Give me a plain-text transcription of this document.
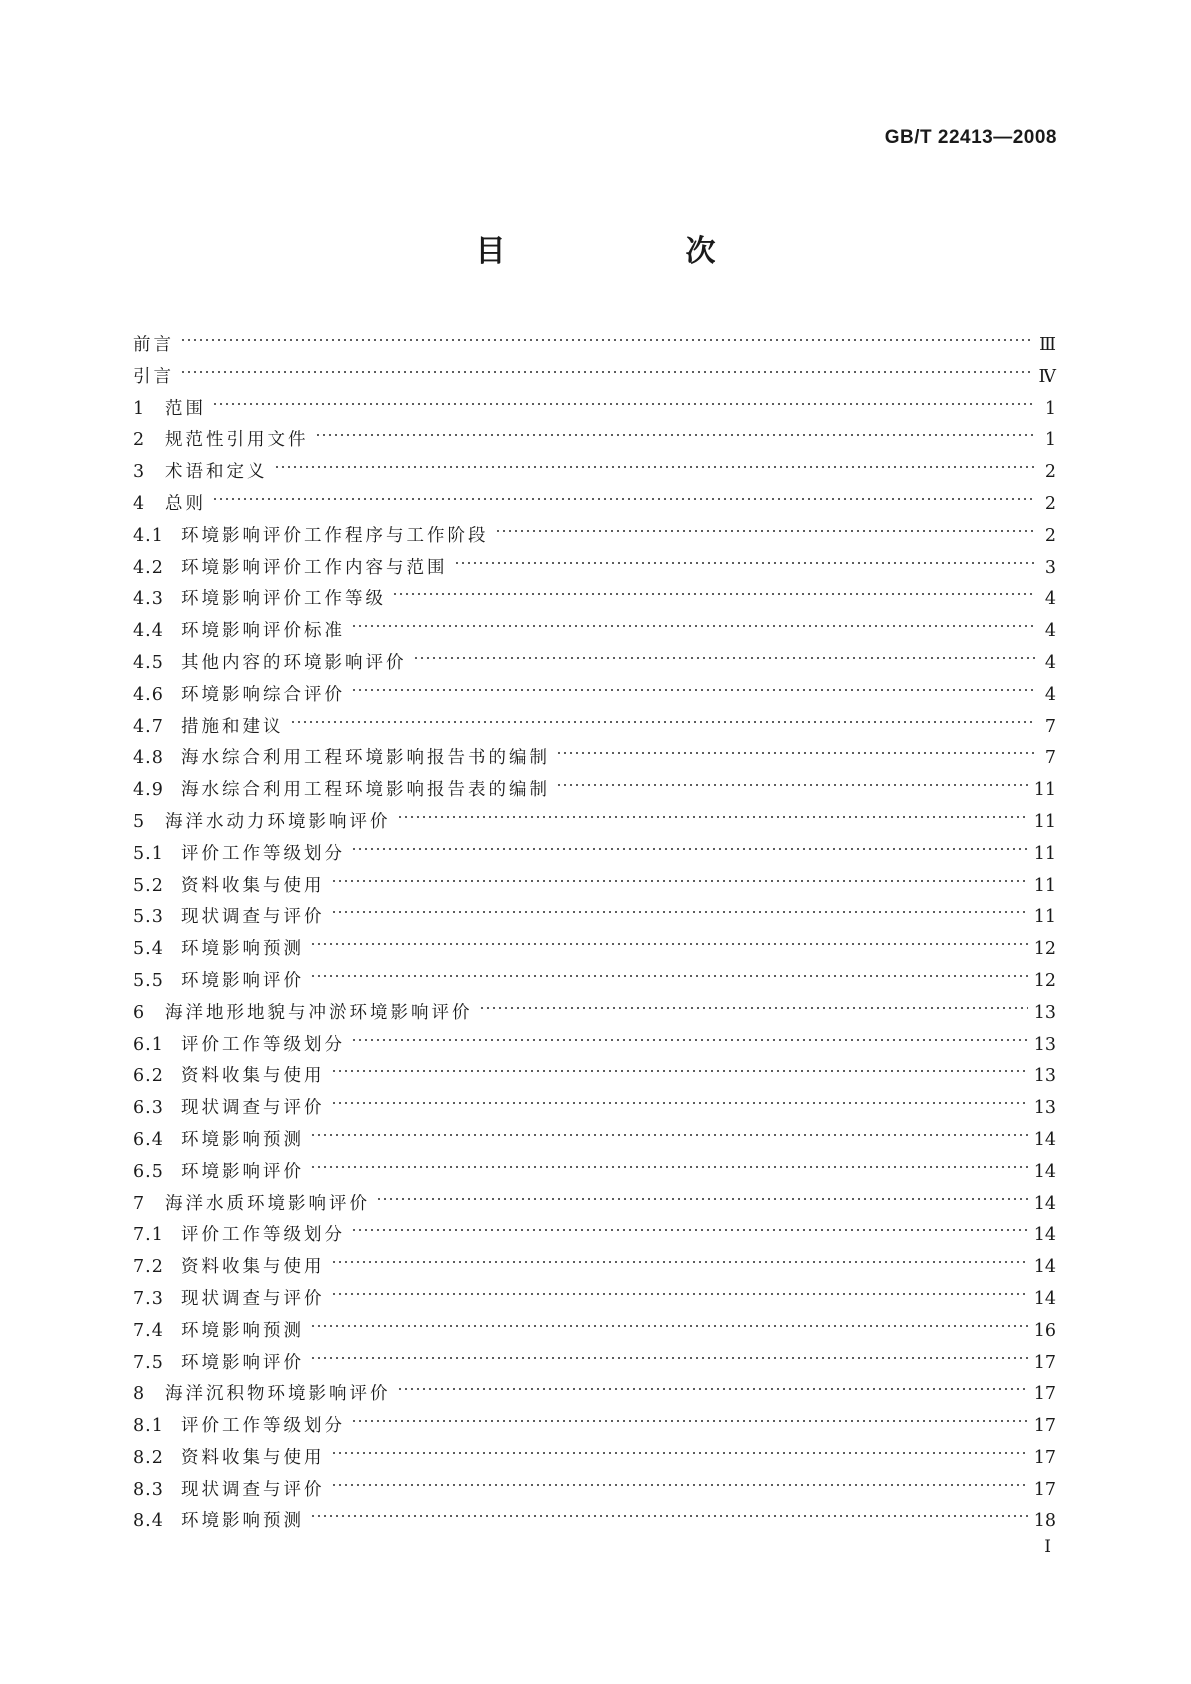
GB/T 22413—2008
目　　次
前言	Ⅲ
引言	Ⅳ
1	范围	1
2	规范性引用文件	1
3	术语和定义	2
4	总则	2
4.1 环境影响评价工作程序与工作阶段	2
4.2 环境影响评价工作内容与范围	3
4.3 环境影响评价工作等级	4
4.4 环境影响评价标准	4
4.5 其他内容的环境影响评价	4
4.6 环境影响综合评价	4
4.7 措施和建议	7
4.8 海水综合利用工程环境影响报告书的编制	7
4.9 海水综合利用工程环境影响报告表的编制	11
5	海洋水动力环境影响评价	11
5.1 评价工作等级划分	11
5.2 资料收集与使用	11
5.3 现状调查与评价	11
5.4 环境影响预测	12
5.5 环境影响评价	12
6	海洋地形地貌与冲淤环境影响评价	13
6.1 评价工作等级划分	13
6.2 资料收集与使用	13
6.3 现状调查与评价	13
6.4 环境影响预测	14
6.5 环境影响评价	14
7	海洋水质环境影响评价	14
7.1 评价工作等级划分	14
7.2 资料收集与使用	14
7.3 现状调查与评价	14
7.4 环境影响预测	16
7.5 环境影响评价	17
8	海洋沉积物环境影响评价	17
8.1 评价工作等级划分	17
8.2 资料收集与使用	17
8.3 现状调查与评价	17
8.4 环境影响预测	18
Ⅰ
